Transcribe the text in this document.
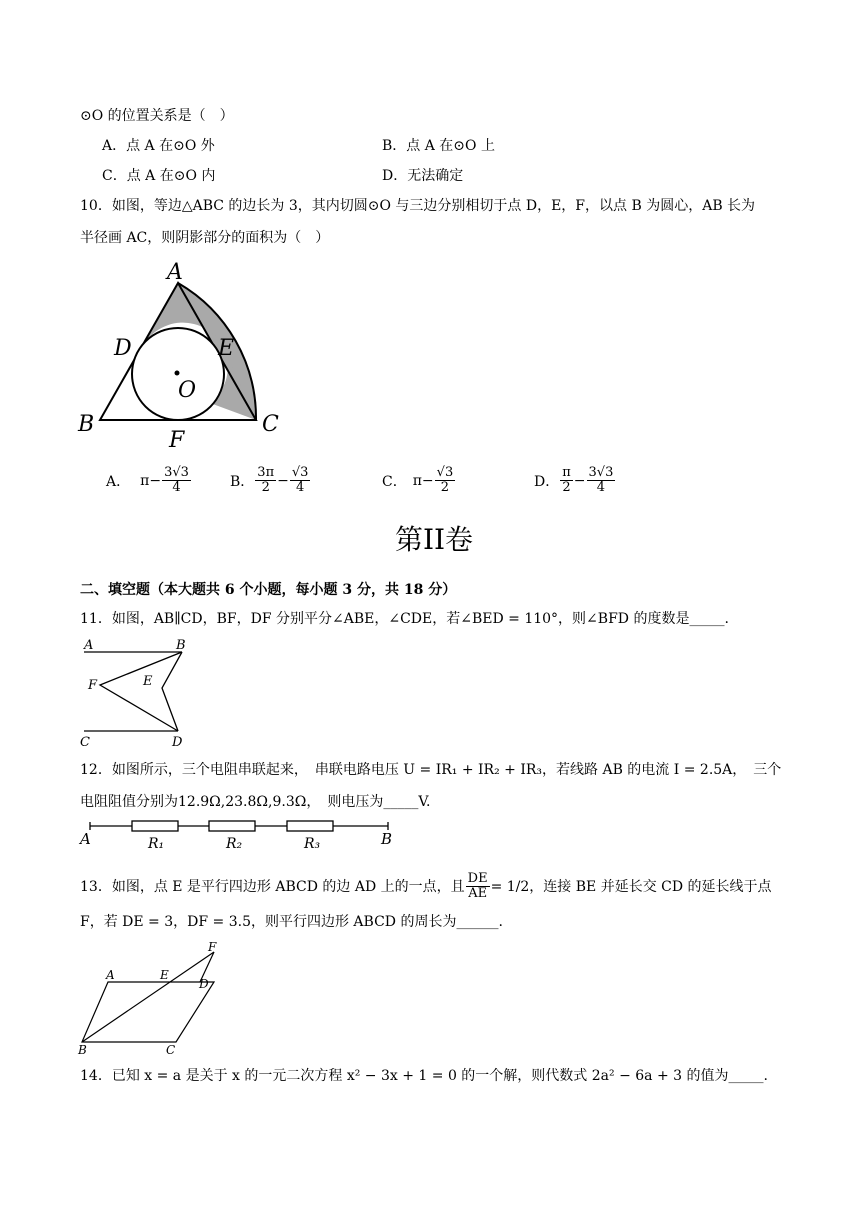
⊙O 的位置关系是（　）
A．点 A 在⊙O 外	B．点 A 在⊙O 上
C．点 A 在⊙O 内	D．无法确定
10．如图，等边△ABC 的边长为 3，其内切圆⊙O 与三边分别相切于点 D，E，F，以点 B 为圆心，AB 长为
半径画 AC，则阴影部分的面积为（　）
A
B	C
D	E
F
O
A． $\pi- \frac{3√3}{4}$	B． $\frac{3\pi}{2} - \frac{√3}{4}$	C． $\pi- \frac{√3}{2}$	D． $\frac{\pi}{2} - \frac{3√3}{4}$
第II卷
二、填空题（本大题共 6 个小题，每小题 3 分，共 18 分）
11．如图，AB∥CD，BF，DF 分别平分∠ABE，∠CDE，若∠BED = 110°，则∠BFD 的度数是_____.
A	B
C	D
E
F
12．如图所示，三个电阻串联起来，　串联电路电压 U = IR₁ + IR₂ + IR₃，若线路 AB 的电流 I = 2.5A，　三个
电阻阻值分别为12.9Ω,23.8Ω,9.3Ω，　则电压为_____V.
A	B
R₁	R₂	R₃
13．如图，点 E 是平行四边形 ABCD 的边 AD 上的一点，且 $\frac{DE}{AE} = 1/2$，连接 BE 并延长交 CD 的延长线于点
F，若 DE = 3，DF = 3.5，则平行四边形 ABCD 的周长为______.
A	E
D
F
B	C
14．已知 x = a 是关于 x 的一元二次方程 x² − 3x + 1 = 0 的一个解，则代数式 2a² − 6a + 3 的值为_____.
